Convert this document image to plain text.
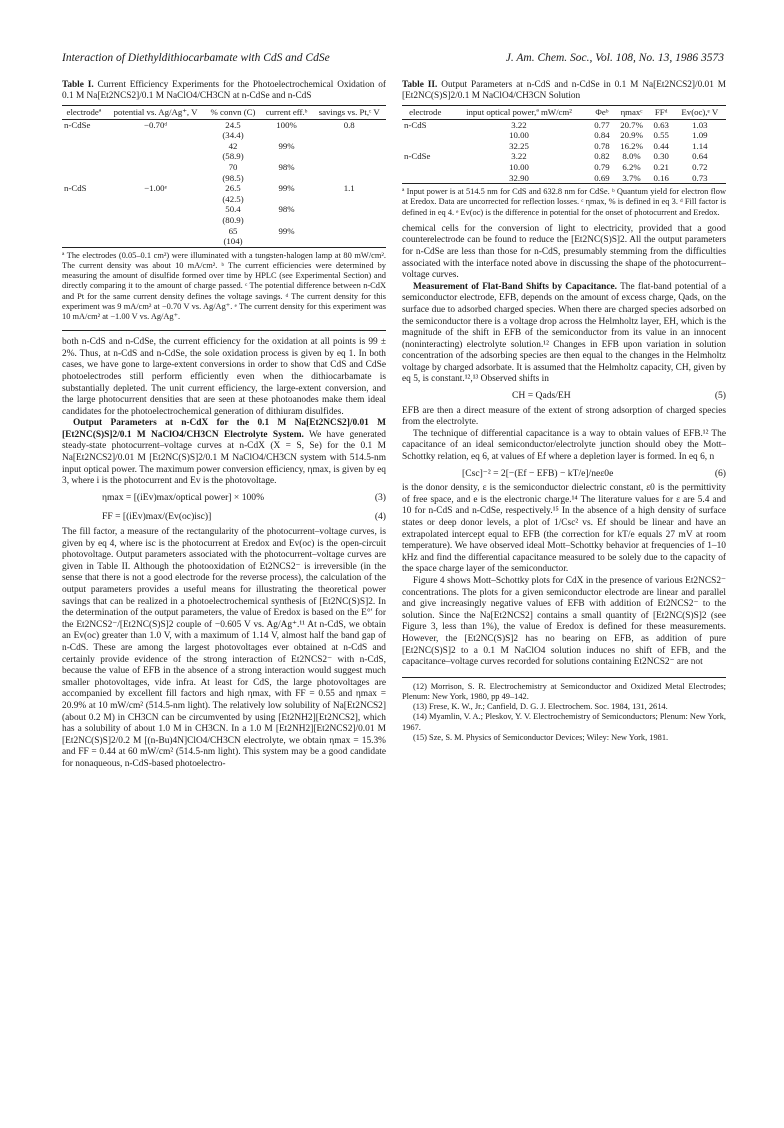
Interaction of Diethyldithiocarbamate with CdS and CdSe	J. Am. Chem. Soc., Vol. 108, No. 13, 1986 3573
Table I. Current Efficiency Experiments for the Photoelectrochemical Oxidation of 0.1 M Na[Et2NCS2]/0.1 M NaClO4/CH3CN at n-CdSe and n-CdS
electrodeª	potential vs. Ag/Ag⁺, V	% convn (C)	current eff.ᵇ	savings vs. Pt,ᶜ V
n-CdSe	−0.70ᵈ	24.5	100%	0.8
		(34.4)		
		42	99%	
		(58.9)		
		70	98%	
		(98.5)		
n-CdS	−1.00ᵉ	26.5	99%	1.1
		(42.5)		
		50.4	98%	
		(80.9)		
		65	99%	
		(104)		
ª The electrodes (0.05–0.1 cm²) were illuminated with a tungsten-halogen lamp at 80 mW/cm². The current density was about 10 mA/cm². ᵇ The current efficiencies were determined by measuring the amount of disulfide formed over time by HPLC (see Experimental Section) and directly comparing it to the amount of charge passed. ᶜ The potential difference between n-CdX and Pt for the same current density defines the voltage savings. ᵈ The current density for this experiment was 9 mA/cm² at −0.70 V vs. Ag/Ag⁺. ᵉ The current density for this experiment was 10 mA/cm² at −1.00 V vs. Ag/Ag⁺.

both n-CdS and n-CdSe, the current efficiency for the oxidation at all points is 99 ± 2%. Thus, at n-CdS and n-CdSe, the sole oxidation process is given by eq 1. In both cases, we have gone to large-extent conversions in order to show that CdS and CdSe photoelectrodes still perform efficiently even when the dithiocarbamate is substantially depleted. The unit current efficiency, the large-extent conversion, and the large photocurrent densities that are seen at these photoanodes make them ideal candidates for the photoelectrochemical generation of dithiuram disulfides.

Output Parameters at n-CdX for the 0.1 M Na[Et2NCS2]/0.01 M [Et2NC(S)S]2/0.1 M NaClO4/CH3CN Electrolyte System. We have generated steady-state photocurrent–voltage curves at n-CdX (X = S, Se) for the 0.1 M Na[Et2NCS2]/0.01 M [Et2NC(S)S]2/0.1 M NaClO4/CH3CN system with 514.5-nm input optical power. The maximum power conversion efficiency, ηmax, is given by eq 3, where i is the photocurrent and Ev is the photovoltage.

ηmax = [(iEv)max/optical power] × 100%	(3)
FF = [(iEv)max/(Ev(oc)isc)]	(4)

The fill factor, a measure of the rectangularity of the photocurrent–voltage curves, is given by eq 4, where isc is the photocurrent at Eredox and Ev(oc) is the open-circuit photovoltage. Output parameters associated with the photocurrent–voltage curves are given in Table II. Although the photooxidation of Et2NCS2⁻ is irreversible (in the sense that there is not a good electrode for the reverse process), the calculation of the output parameters provides a useful means for illustrating the theoretical power savings that can be realized in a photoelectrochemical synthesis of [Et2NC(S)S]2. In the determination of the output parameters, the value of Eredox is based on the E°′ for the Et2NCS2⁻/[Et2NC(S)S]2 couple of −0.605 V vs. Ag/Ag⁺.¹¹ At n-CdS, we obtain an Ev(oc) greater than 1.0 V, with a maximum of 1.14 V, almost half the band gap of n-CdS. These are among the largest photovoltages ever obtained at n-CdS and certainly provide evidence of the strong interaction of Et2NCS2⁻ with n-CdS, because the value of EFB in the absence of a strong interaction would suggest much smaller photovoltages, vide infra. At least for CdS, the large photovoltages are accompanied by excellent fill factors and high ηmax, with FF = 0.55 and ηmax = 20.9% at 10 mW/cm² (514.5-nm light). The relatively low solubility of Na[Et2NCS2] (about 0.2 M) in CH3CN can be circumvented by using [Et2NH2][Et2NCS2], which has a solubility of about 1.0 M in CH3CN. In a 1.0 M [Et2NH2][Et2NCS2]/0.01 M [Et2NC(S)S]2/0.2 M [(n-Bu)4N]ClO4/CH3CN electrolyte, we obtain ηmax = 15.3% and FF = 0.44 at 60 mW/cm² (514.5-nm light). This system may be a good candidate for nonaqueous, n-CdS-based photoelectro-

Table II. Output Parameters at n-CdS and n-CdSe in 0.1 M Na[Et2NCS2]/0.01 M [Et2NC(S)S]2/0.1 M NaClO4/CH3CN Solution
electrode	input optical power,ª mW/cm²	Φeᵇ	ηmaxᶜ	FFᵈ	Ev(oc),ᵉ V
n-CdS	3.22	0.77	20.7%	0.63	1.03
	10.00	0.84	20.9%	0.55	1.09
	32.25	0.78	16.2%	0.44	1.14
n-CdSe	3.22	0.82	8.0%	0.30	0.64
	10.00	0.79	6.2%	0.21	0.72
	32.90	0.69	3.7%	0.16	0.73
ª Input power is at 514.5 nm for CdS and 632.8 nm for CdSe. ᵇ Quantum yield for electron flow at Eredox. Data are uncorrected for reflection losses. ᶜ ηmax, % is defined in eq 3. ᵈ Fill factor is defined in eq 4. ᵉ Ev(oc) is the difference in potential for the onset of photocurrent and Eredox.

chemical cells for the conversion of light to electricity, provided that a good counterelectrode can be found to reduce the [Et2NC(S)S]2. All the output parameters for n-CdSe are less than those for n-CdS, presumably stemming from the difficulties associated with the interface noted above in discussing the shape of the photocurrent–voltage curves.

Measurement of Flat-Band Shifts by Capacitance. The flat-band potential of a semiconductor electrode, EFB, depends on the amount of excess charge, Qads, on the surface due to adsorbed charged species. When there are charged species adsorbed on the semiconductor there is a voltage drop across the Helmholtz layer, EH, which is the magnitude of the shift in EFB of the semiconductor from its value in an innocent (noninteracting) electrolyte solution.¹² Changes in EFB upon variation in solution concentration of the adsorbing species are then equal to the changes in the Helmholtz voltage by charged adsorbate. It is assumed that the Helmholtz capacity, CH, given by eq 5, is constant.¹²,¹³ Observed shifts in

CH = Qads/EH	(5)

EFB are then a direct measure of the extent of strong adsorption of charged species from the electrolyte.

The technique of differential capacitance is a way to obtain values of EFB.¹² The capacitance of an ideal semiconductor/electrolyte junction should obey the Mott–Schottky relation, eq 6, at values of Ef where a depletion layer is formed. In eq 6, n

[Csc]⁻² = 2[−(Ef − EFB) − kT/e]/neε0e	(6)

is the donor density, ε is the semiconductor dielectric constant, ε0 is the permittivity of free space, and e is the electronic charge.¹⁴ The literature values for ε are 5.4 and 10 for n-CdS and n-CdSe, respectively.¹⁵ In the absence of a high density of surface states or deep donor levels, a plot of 1/Csc² vs. Ef should be linear and have an extrapolated intercept equal to EFB (the correction for kT/e equals 27 mV at room temperature). We have observed ideal Mott–Schottky behavior at frequencies of 1–10 kHz and find the differential capacitance measured to be solely due to the capacity of the space charge layer of the semiconductor.

Figure 4 shows Mott–Schottky plots for CdX in the presence of various Et2NCS2⁻ concentrations. The plots for a given semiconductor electrode are linear and parallel and give increasingly negative values of EFB with addition of Et2NCS2⁻ to the solution. Since the Na[Et2NCS2] contains a small quantity of [Et2NC(S)S]2 (see Figure 3, less than 1%), the value of Eredox is defined for these measurements. However, the [Et2NC(S)S]2 has no bearing on EFB, as addition of pure [Et2NC(S)S]2 to a 0.1 M NaClO4 solution induces no shift of EFB, and the capacitance–voltage curves recorded for solutions containing Et2NCS2⁻ are not

(12) Morrison, S. R. Electrochemistry at Semiconductor and Oxidized Metal Electrodes; Plenum: New York, 1980, pp 49–142.
(13) Frese, K. W., Jr.; Canfield, D. G. J. Electrochem. Soc. 1984, 131, 2614.
(14) Myamlin, V. A.; Pleskov, Y. V. Electrochemistry of Semiconductors; Plenum: New York, 1967.
(15) Sze, S. M. Physics of Semiconductor Devices; Wiley: New York, 1981.
